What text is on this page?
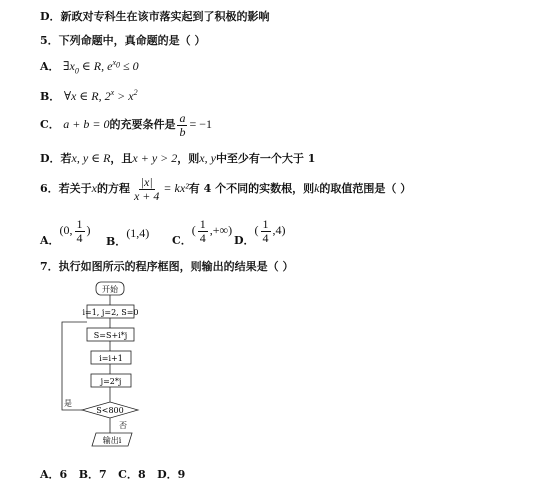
D．新政对专科生在该市落实起到了积极的影响
5．下列命题中，真命题的是（ ）
A． $\exists x_0$ ∈ R, $e^{x_0} \le 0$
B． ∀x ∈ R, $2^x > x^2$
C． a + b = 0的充要条件是 $\frac{a}{b} = -1$
D．若x, y ∈ R，且x + y > 2，则x, y中至少有一个大于 1
6．若关于x的方程 $\frac{|x|}{x + 4} = kx^2$有 4 个不同的实数根，则k的取值范围是（ ）
A．(0, $\frac{1}{4}$ )
B．(1,4)
C．( $\frac{1}{4}$ ,+∞)
D．( $\frac{1}{4} ,4$)
7．执行如图所示的程序框图，则输出的结果是（ ）
开始
i=1, j=2, S=0
S=S+i*j
i=i+1
j=2*j
S<800
是
否
输出i
A．6 B．7 C．8 D．9
